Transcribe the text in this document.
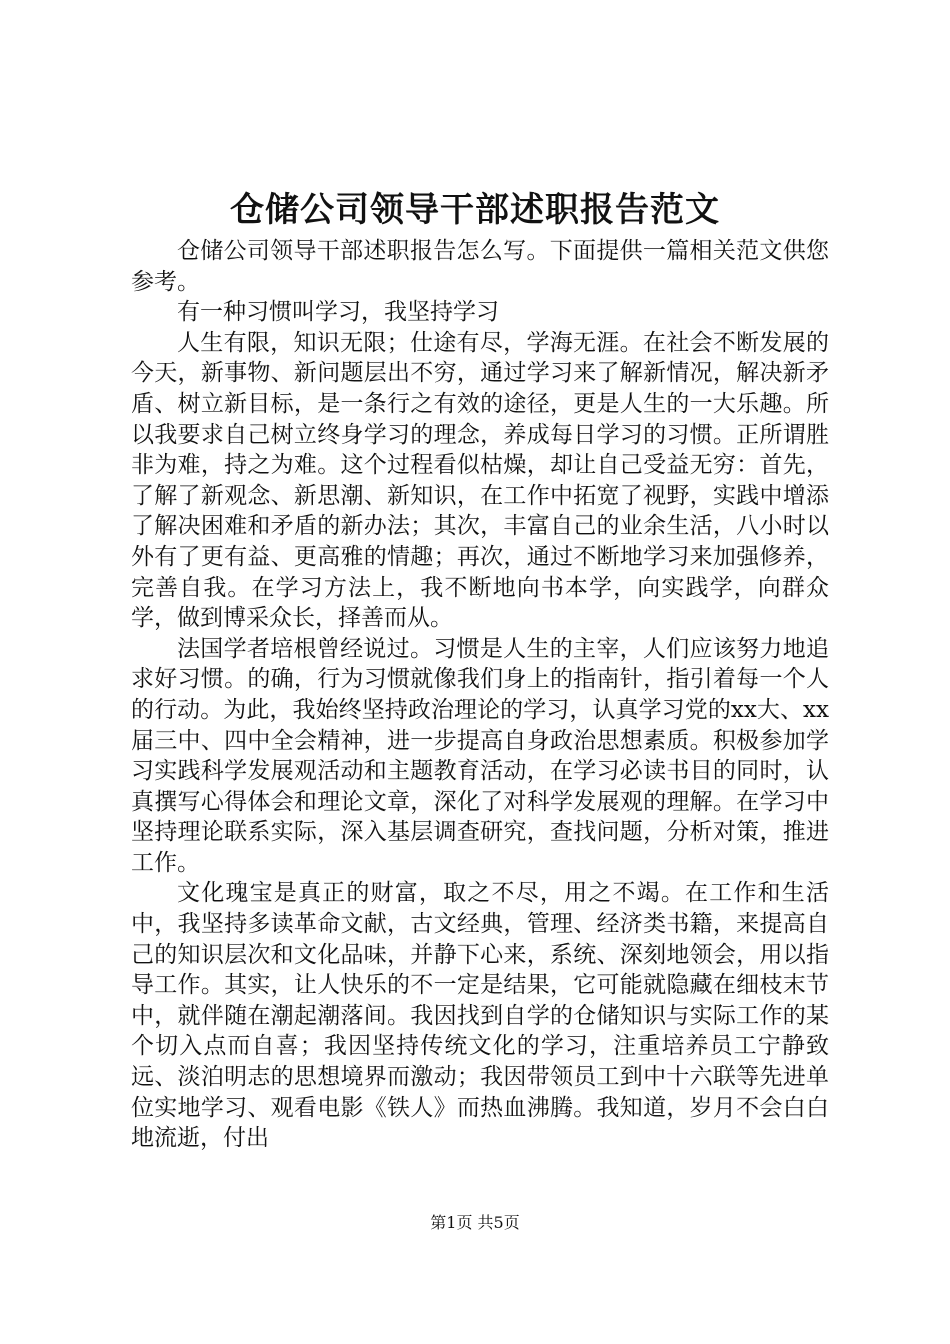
仓储公司领导干部述职报告范文

仓储公司领导干部述职报告怎么写。下面提供一篇相关范文供您参考。

有一种习惯叫学习，我坚持学习

人生有限，知识无限；仕途有尽，学海无涯。在社会不断发展的今天，新事物、新问题层出不穷，通过学习来了解新情况，解决新矛盾、树立新目标，是一条行之有效的途径，更是人生的一大乐趣。所以我要求自己树立终身学习的理念，养成每日学习的习惯。正所谓胜非为难，持之为难。这个过程看似枯燥，却让自己受益无穷：首先，了解了新观念、新思潮、新知识，在工作中拓宽了视野，实践中增添了解决困难和矛盾的新办法；其次，丰富自己的业余生活，八小时以外有了更有益、更高雅的情趣；再次，通过不断地学习来加强修养，完善自我。在学习方法上，我不断地向书本学，向实践学，向群众学，做到博采众长，择善而从。

法国学者培根曾经说过。习惯是人生的主宰，人们应该努力地追求好习惯。的确，行为习惯就像我们身上的指南针，指引着每一个人的行动。为此，我始终坚持政治理论的学习，认真学习党的xx大、xx届三中、四中全会精神，进一步提高自身政治思想素质。积极参加学习实践科学发展观活动和主题教育活动，在学习必读书目的同时，认真撰写心得体会和理论文章，深化了对科学发展观的理解。在学习中坚持理论联系实际，深入基层调查研究，查找问题，分析对策，推进工作。

文化瑰宝是真正的财富，取之不尽，用之不竭。在工作和生活中，我坚持多读革命文献，古文经典，管理、经济类书籍，来提高自己的知识层次和文化品味，并静下心来，系统、深刻地领会，用以指导工作。其实，让人快乐的不一定是结果，它可能就隐藏在细枝末节中，就伴随在潮起潮落间。我因找到自学的仓储知识与实际工作的某个切入点而自喜；我因坚持传统文化的学习，注重培养员工宁静致远、淡泊明志的思想境界而激动；我因带领员工到中十六联等先进单位实地学习、观看电影《铁人》而热血沸腾。我知道，岁月不会白白地流逝，付出

第1页 共5页
